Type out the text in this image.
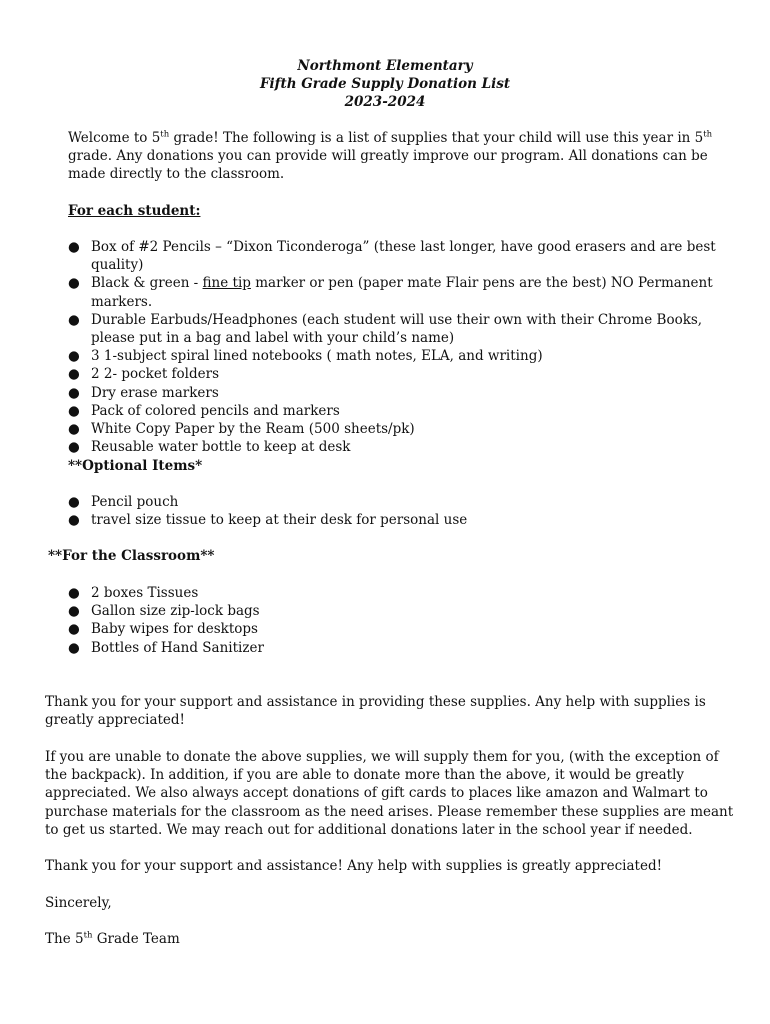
Northmont Elementary
Fifth Grade Supply Donation List
2023-2024
Welcome to 5th grade! The following is a list of supplies that your child will use this year in 5th grade. Any donations you can provide will greatly improve our program. All donations can be made directly to the classroom.
For each student:
● Box of #2 Pencils – “Dixon Ticonderoga” (these last longer, have good erasers and are best quality)
● Black & green - fine tip marker or pen (paper mate Flair pens are the best) NO Permanent markers.
● Durable Earbuds/Headphones (each student will use their own with their Chrome Books, please put in a bag and label with your child’s name)
● 3 1-subject spiral lined notebooks ( math notes, ELA, and writing)
● 2 2- pocket folders
● Dry erase markers
● Pack of colored pencils and markers
● White Copy Paper by the Ream (500 sheets/pk)
● Reusable water bottle to keep at desk
**Optional Items*
● Pencil pouch
● travel size tissue to keep at their desk for personal use
**For the Classroom**
● 2 boxes Tissues
● Gallon size zip-lock bags
● Baby wipes for desktops
● Bottles of Hand Sanitizer
Thank you for your support and assistance in providing these supplies. Any help with supplies is greatly appreciated!
If you are unable to donate the above supplies, we will supply them for you, (with the exception of the backpack). In addition, if you are able to donate more than the above, it would be greatly appreciated. We also always accept donations of gift cards to places like amazon and Walmart to purchase materials for the classroom as the need arises. Please remember these supplies are meant to get us started. We may reach out for additional donations later in the school year if needed.
Thank you for your support and assistance! Any help with supplies is greatly appreciated!
Sincerely,
The 5th Grade Team
